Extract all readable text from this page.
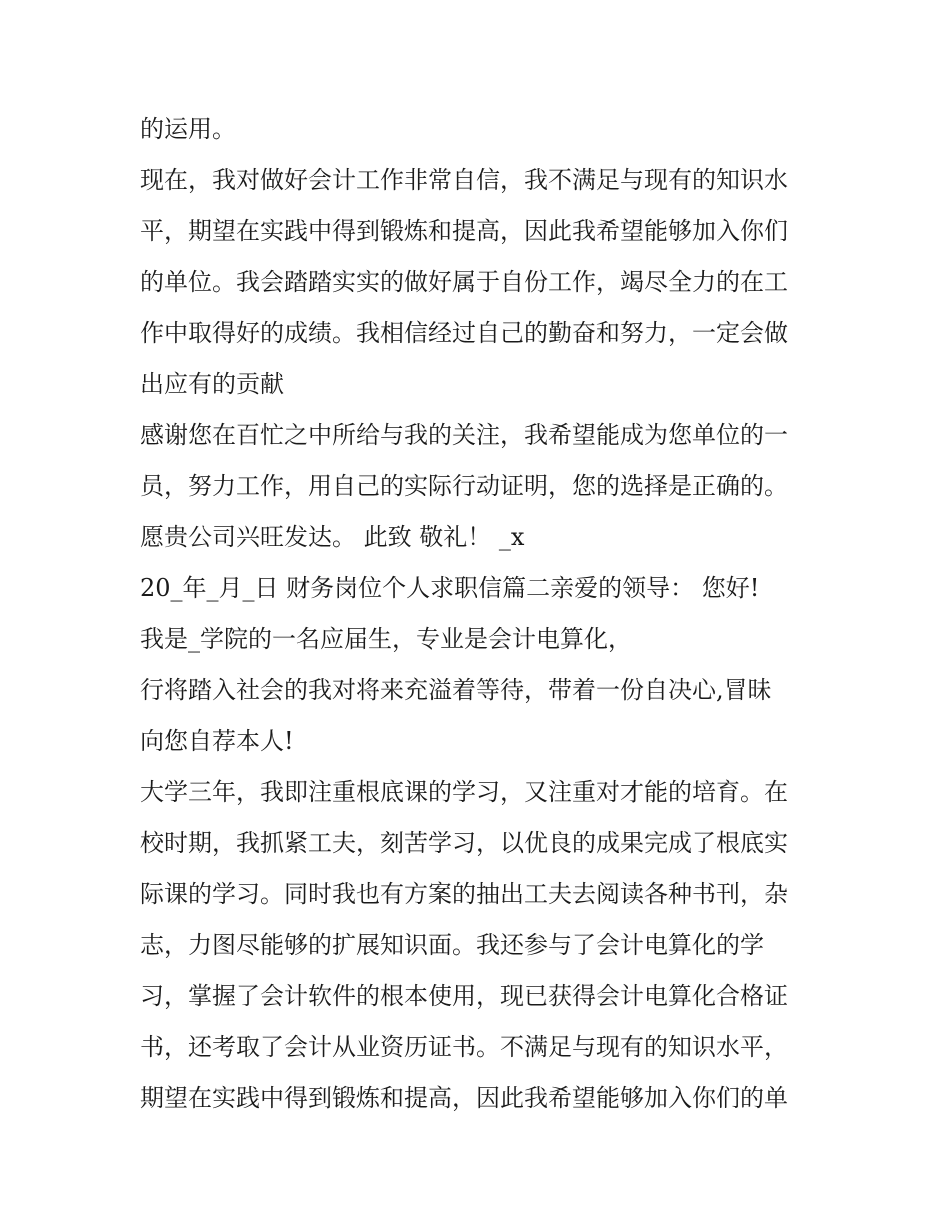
的运用。
现在，我对做好会计工作非常自信，我不满足与现有的知识水
平，期望在实践中得到锻炼和提高，因此我希望能够加入你们
的单位。我会踏踏实实的做好属于自份工作，竭尽全力的在工
作中取得好的成绩。我相信经过自己的勤奋和努力，一定会做
出应有的贡献
感谢您在百忙之中所给与我的关注，我希望能成为您单位的一
员，努力工作，用自己的实际行动证明，您的选择是正确的。
愿贵公司兴旺发达。 此致 敬礼！ _x
20_年_月_日 财务岗位个人求职信篇二亲爱的领导： 您好!
我是_学院的一名应届生，专业是会计电算化，
行将踏入社会的我对将来充溢着等待，带着一份自决心,冒昧
向您自荐本人!
大学三年，我即注重根底课的学习，又注重对才能的培育。在
校时期，我抓紧工夫，刻苦学习，以优良的成果完成了根底实
际课的学习。同时我也有方案的抽出工夫去阅读各种书刊，杂
志，力图尽能够的扩展知识面。我还参与了会计电算化的学
习，掌握了会计软件的根本使用，现已获得会计电算化合格证
书，还考取了会计从业资历证书。不满足与现有的知识水平，
期望在实践中得到锻炼和提高，因此我希望能够加入你们的单
